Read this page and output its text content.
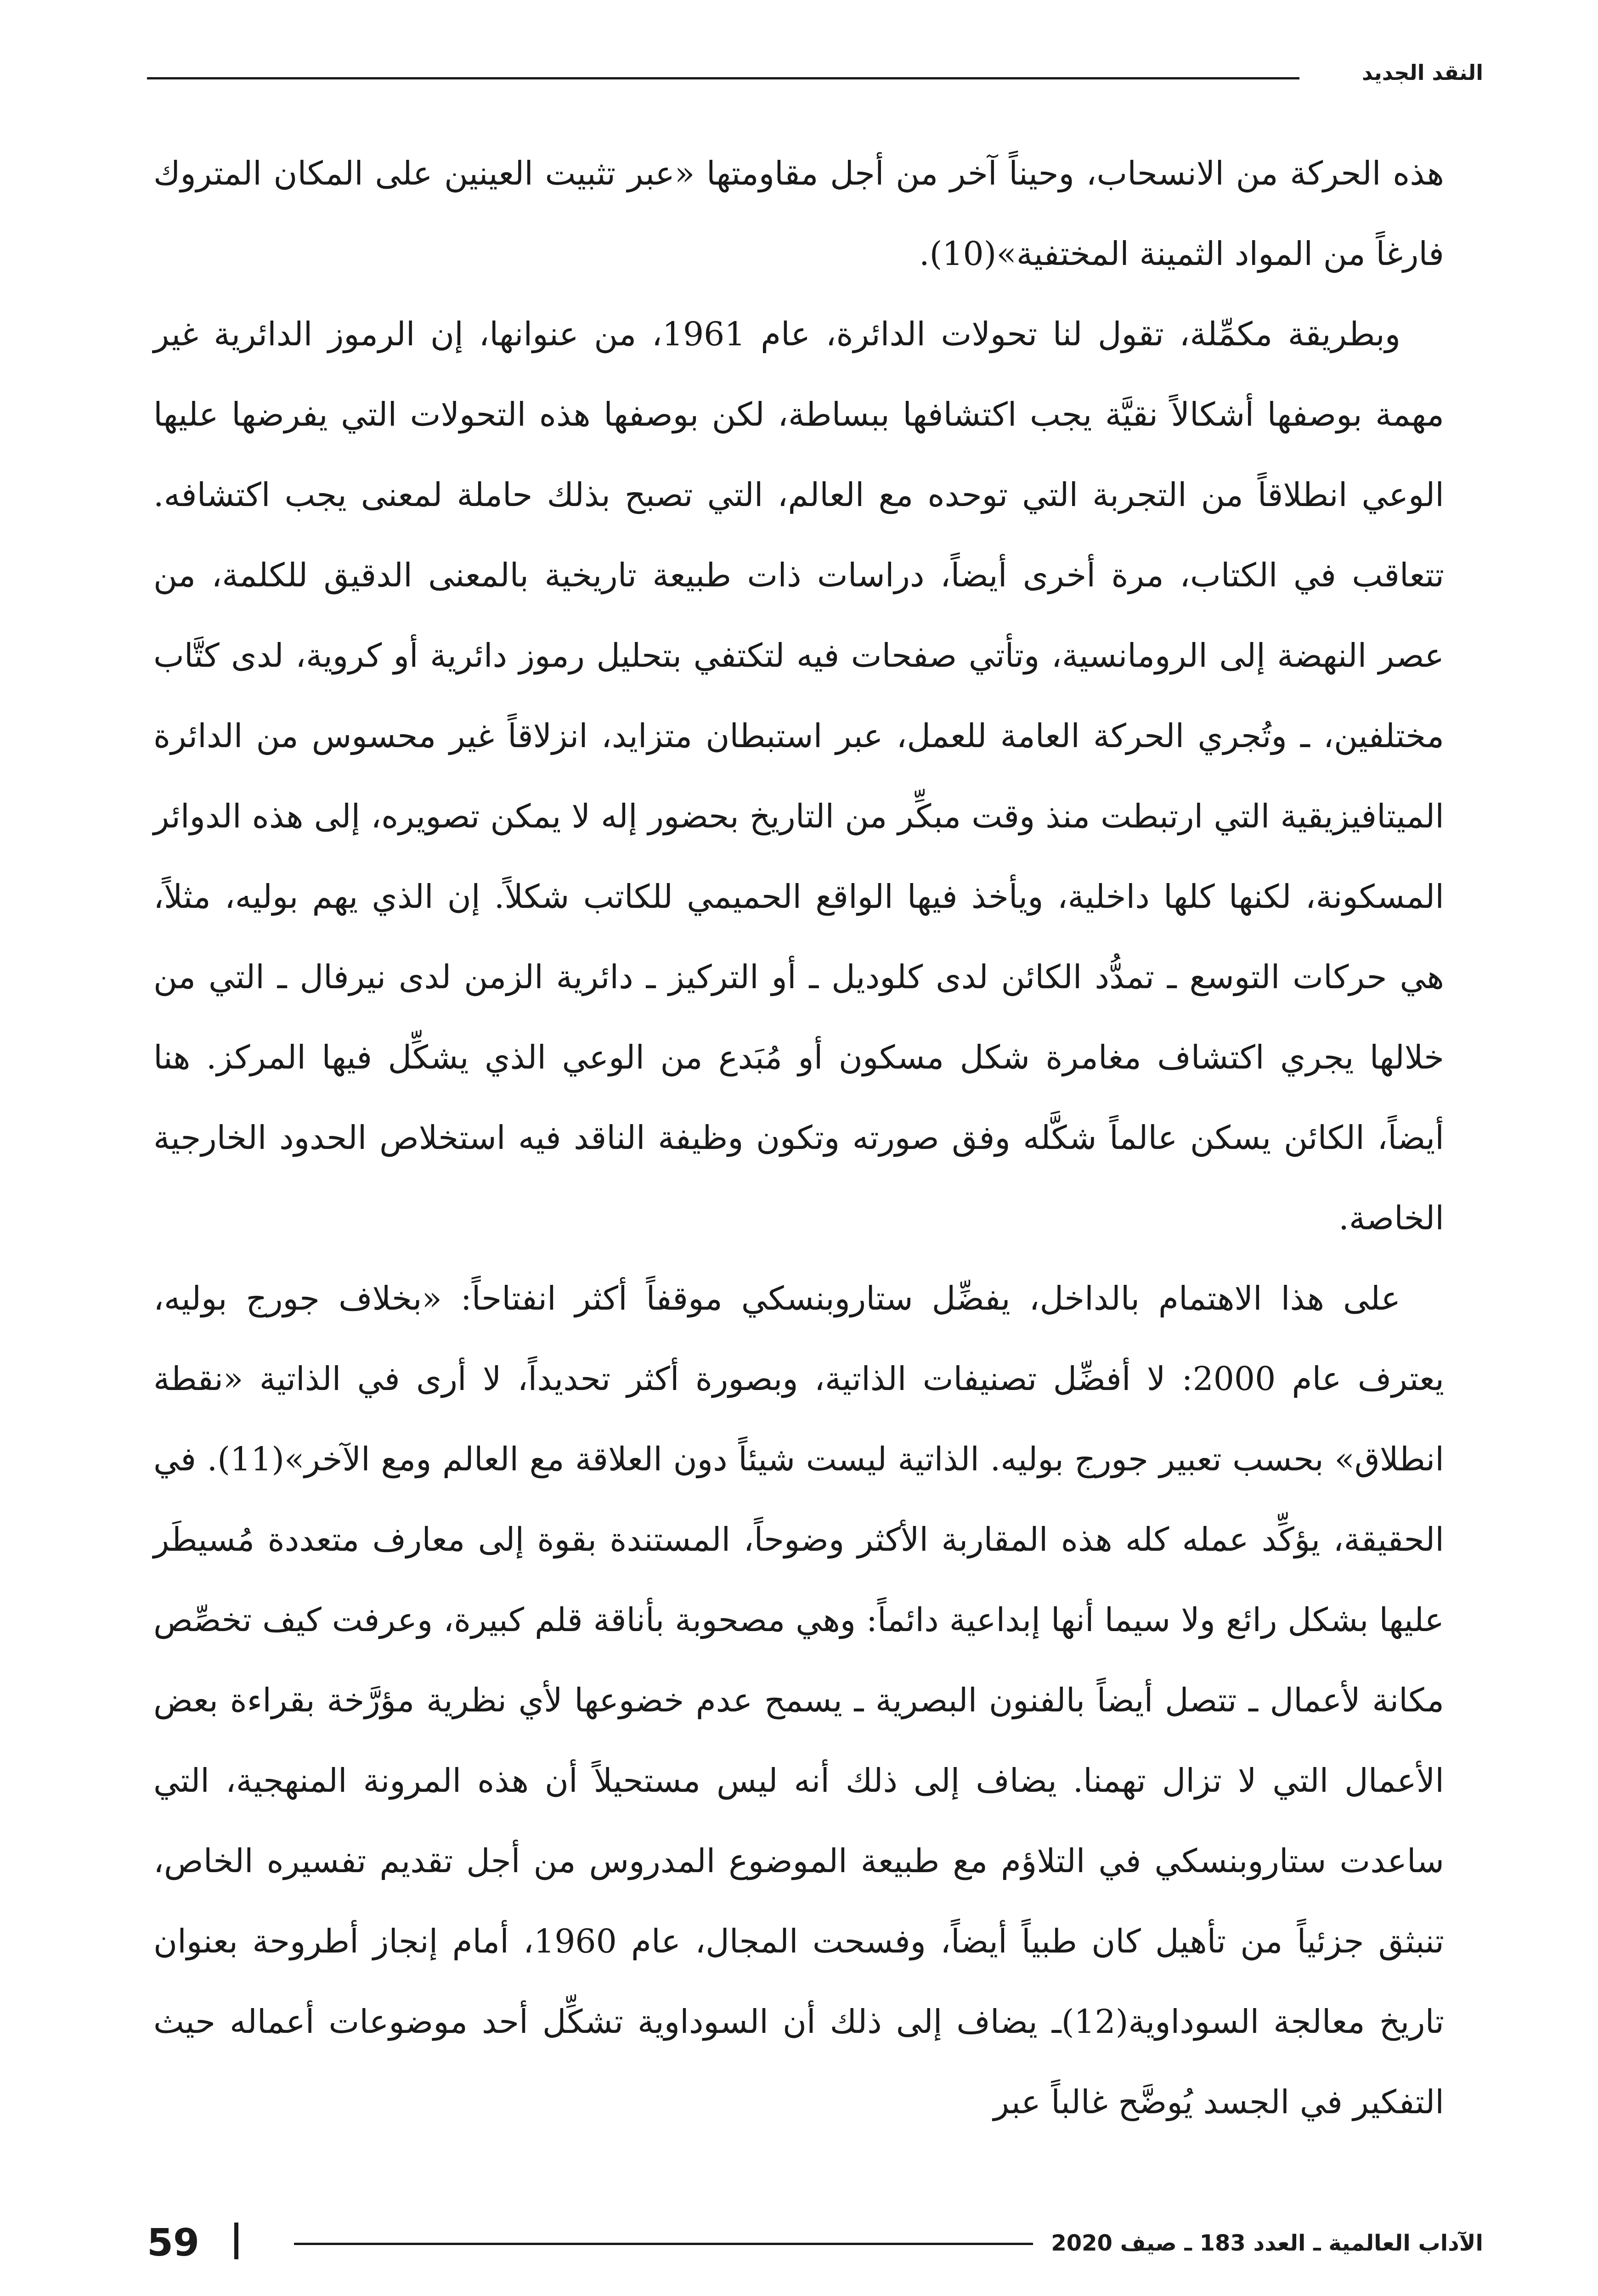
النقد الجديد

هذه الحركة من الانسحاب، وحيناً آخر من أجل مقاومتها «عبر تثبيت العينين على المكان المتروك فارغاً من المواد الثمينة المختفية»(10).

وبطريقة مكمِّلة، تقول لنا تحولات الدائرة، عام 1961، من عنوانها، إن الرموز الدائرية غير مهمة بوصفها أشكالاً نقيَّة يجب اكتشافها ببساطة، لكن بوصفها هذه التحولات التي يفرضها عليها الوعي انطلاقاً من التجربة التي توحده مع العالم، التي تصبح بذلك حاملة لمعنى يجب اكتشافه. تتعاقب في الكتاب، مرة أخرى أيضاً، دراسات ذات طبيعة تاريخية بالمعنى الدقيق للكلمة، من عصر النهضة إلى الرومانسية، وتأتي صفحات فيه لتكتفي بتحليل رموز دائرية أو كروية، لدى كتَّاب مختلفين، ـ وتُجري الحركة العامة للعمل، عبر استبطان متزايد، انزلاقاً غير محسوس من الدائرة الميتافيزيقية التي ارتبطت منذ وقت مبكِّر من التاريخ بحضور إله لا يمكن تصويره، إلى هذه الدوائر المسكونة، لكنها كلها داخلية، ويأخذ فيها الواقع الحميمي للكاتب شكلاً. إن الذي يهم بوليه، مثلاً، هي حركات التوسع ـ تمدُّد الكائن لدى كلوديل ـ أو التركيز ـ دائرية الزمن لدى نيرفال ـ التي من خلالها يجري اكتشاف مغامرة شكل مسكون أو مُبَدع من الوعي الذي يشكِّل فيها المركز. هنا أيضاً، الكائن يسكن عالماً شكَّله وفق صورته وتكون وظيفة الناقد فيه استخلاص الحدود الخارجية الخاصة.

على هذا الاهتمام بالداخل، يفضِّل ستاروبنسكي موقفاً أكثر انفتاحاً: «بخلاف جورج بوليه، يعترف عام 2000: لا أفضِّل تصنيفات الذاتية، وبصورة أكثر تحديداً، لا أرى في الذاتية «نقطة انطلاق» بحسب تعبير جورج بوليه. الذاتية ليست شيئاً دون العلاقة مع العالم ومع الآخر»(11). في الحقيقة، يؤكِّد عمله كله هذه المقاربة الأكثر وضوحاً، المستندة بقوة إلى معارف متعددة مُسيطَر عليها بشكل رائع ولا سيما أنها إبداعية دائماً: وهي مصحوبة بأناقة قلم كبيرة، وعرفت كيف تخصِّص مكانة لأعمال ـ تتصل أيضاً بالفنون البصرية ـ يسمح عدم خضوعها لأي نظرية مؤرَّخة بقراءة بعض الأعمال التي لا تزال تهمنا. يضاف إلى ذلك أنه ليس مستحيلاً أن هذه المرونة المنهجية، التي ساعدت ستاروبنسكي في التلاؤم مع طبيعة الموضوع المدروس من أجل تقديم تفسيره الخاص، تنبثق جزئياً من تأهيل كان طبياً أيضاً، وفسحت المجال، عام 1960، أمام إنجاز أطروحة بعنوان تاريخ معالجة السوداوية(12)ـ يضاف إلى ذلك أن السوداوية تشكِّل أحد موضوعات أعماله حيث التفكير في الجسد يُوضَّح غالباً عبر

الآداب العالمية ـ العدد 183 ـ صيف 2020
59
